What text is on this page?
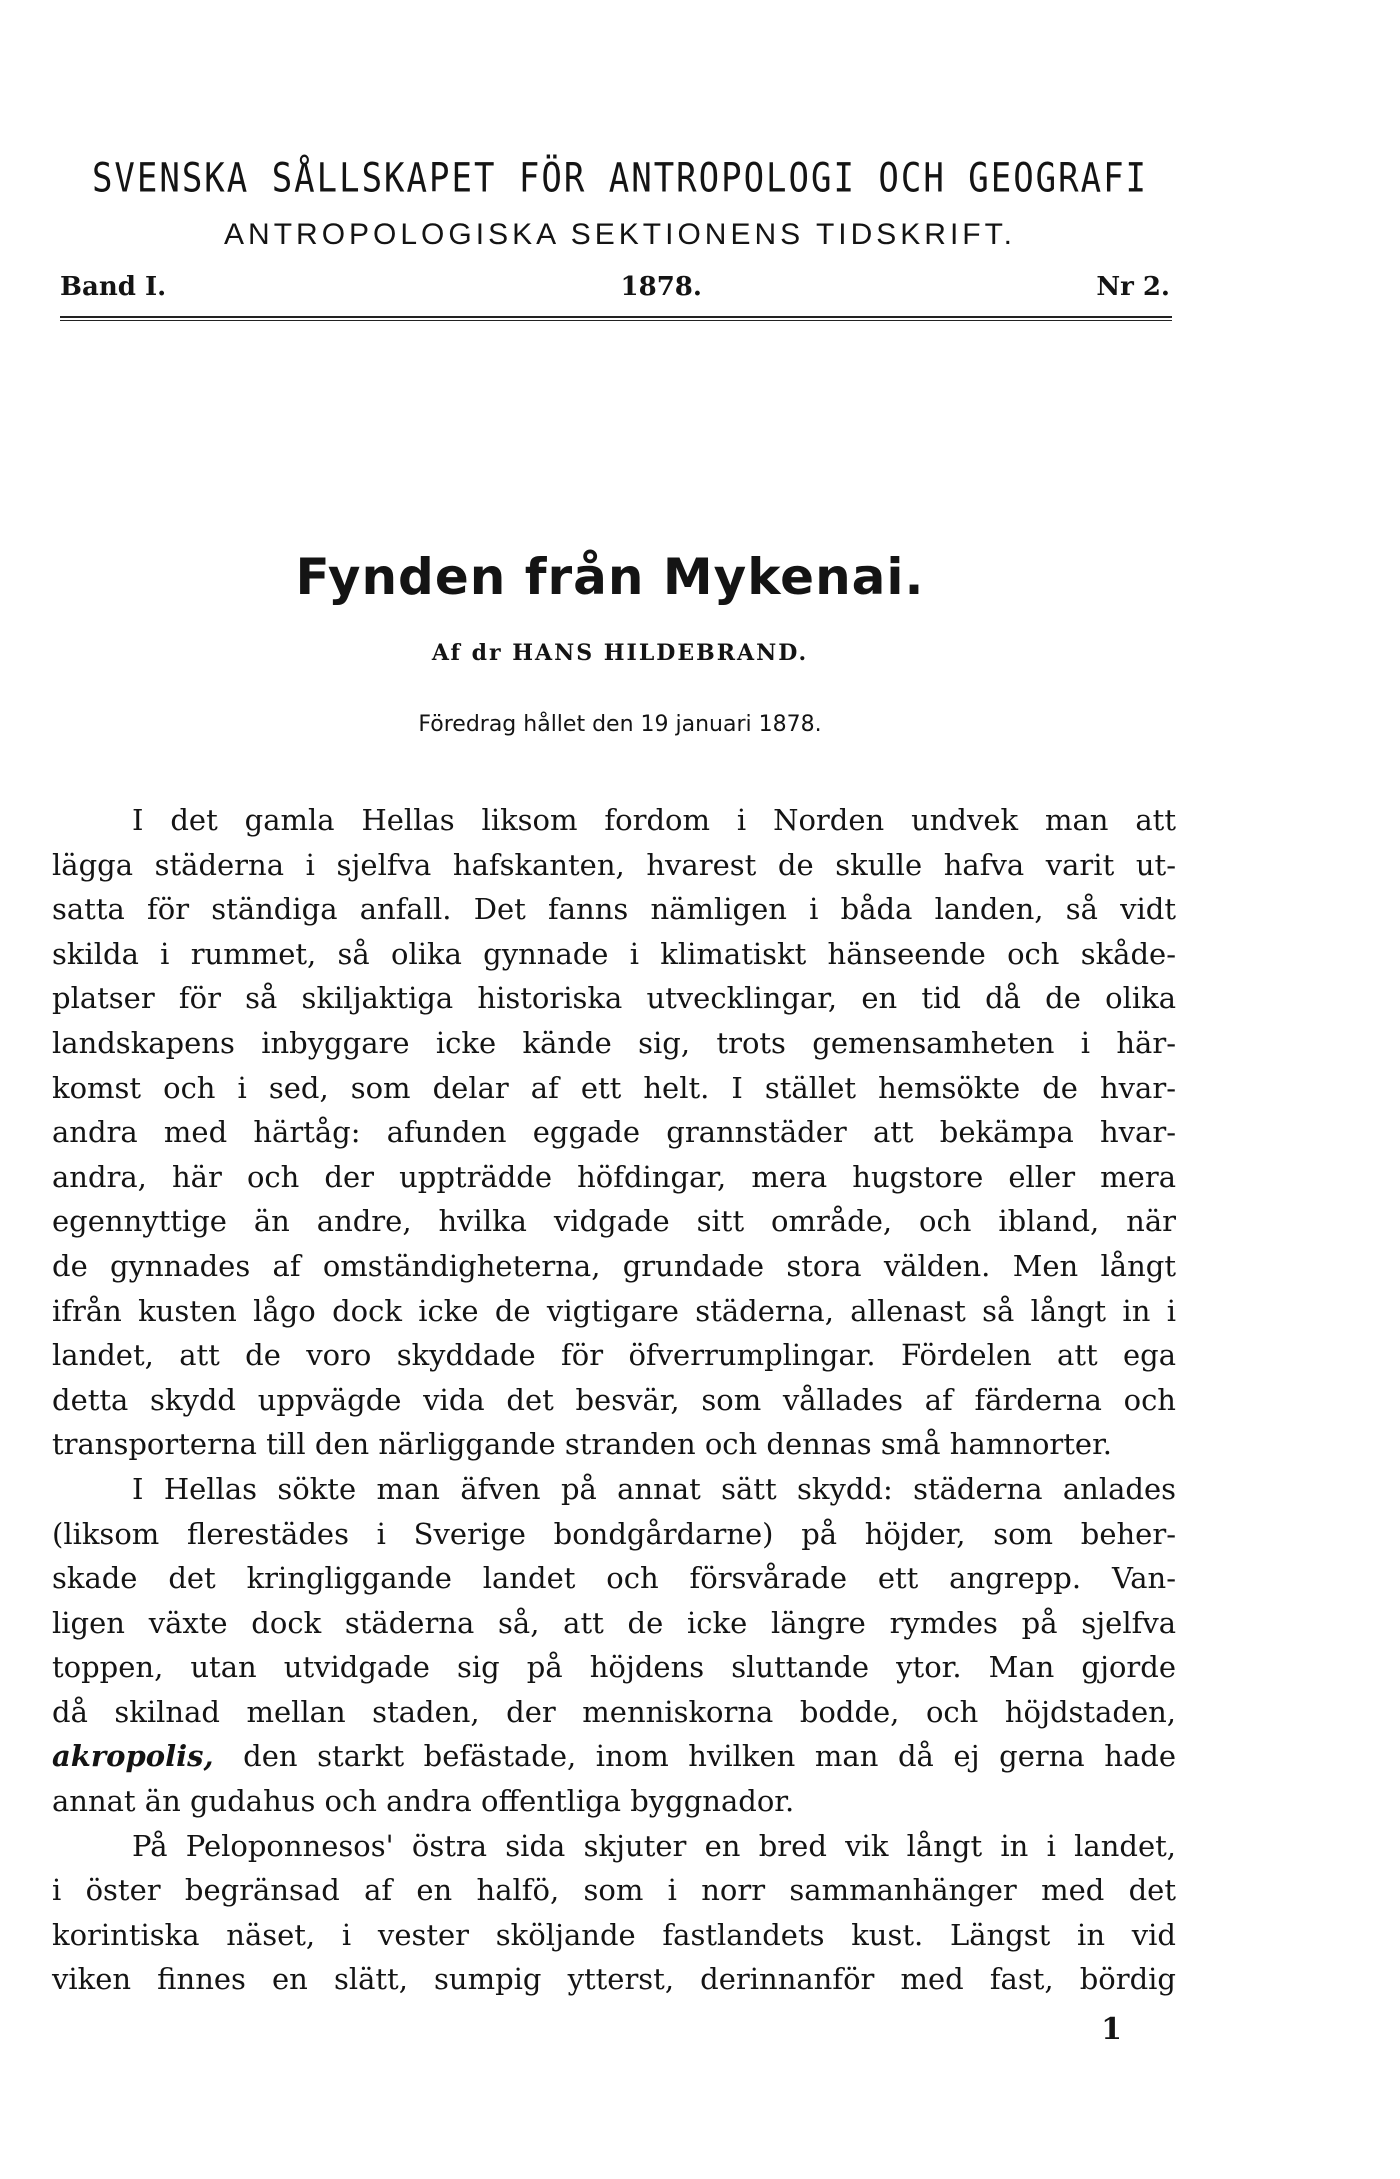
SVENSKA SÅLLSKAPET FÖR ANTROPOLOGI OCH GEOGRAFI
ANTROPOLOGISKA SEKTIONENS TIDSKRIFT.
Band I.	1878.	Nr 2.
Fynden från Mykenai.
Af dr HANS HILDEBRAND.
Föredrag hållet den 19 januari 1878.
I det gamla Hellas liksom fordom i Norden undvek man att
lägga städerna i sjelfva hafskanten, hvarest de skulle hafva varit ut-
satta för ständiga anfall. Det fanns nämligen i båda landen, så vidt
skilda i rummet, så olika gynnade i klimatiskt hänseende och skåde-
platser för så skiljaktiga historiska utvecklingar, en tid då de olika
landskapens inbyggare icke kände sig, trots gemensamheten i här-
komst och i sed, som delar af ett helt. I stället hemsökte de hvar-
andra med härtåg: afunden eggade grannstäder att bekämpa hvar-
andra, här och der uppträdde höfdingar, mera hugstore eller mera
egennyttige än andre, hvilka vidgade sitt område, och ibland, när
de gynnades af omständigheterna, grundade stora välden. Men långt
ifrån kusten lågo dock icke de vigtigare städerna, allenast så långt in i
landet, att de voro skyddade för öfverrumplingar. Fördelen att ega
detta skydd uppvägde vida det besvär, som vållades af färderna och
transporterna till den närliggande stranden och dennas små hamnorter.
I Hellas sökte man äfven på annat sätt skydd: städerna anlades
(liksom flerestädes i Sverige bondgårdarne) på höjder, som beher-
skade det kringliggande landet och försvårade ett angrepp. Van-
ligen växte dock städerna så, att de icke längre rymdes på sjelfva
toppen, utan utvidgade sig på höjdens sluttande ytor. Man gjorde
då skilnad mellan staden, der menniskorna bodde, och höjdstaden,
akropolis, den starkt befästade, inom hvilken man då ej gerna hade
annat än gudahus och andra offentliga byggnador.
På Peloponnesos' östra sida skjuter en bred vik långt in i landet,
i öster begränsad af en halfö, som i norr sammanhänger med det
korintiska näset, i vester sköljande fastlandets kust. Längst in vid
viken finnes en slätt, sumpig ytterst, derinnanför med fast, bördig
1
